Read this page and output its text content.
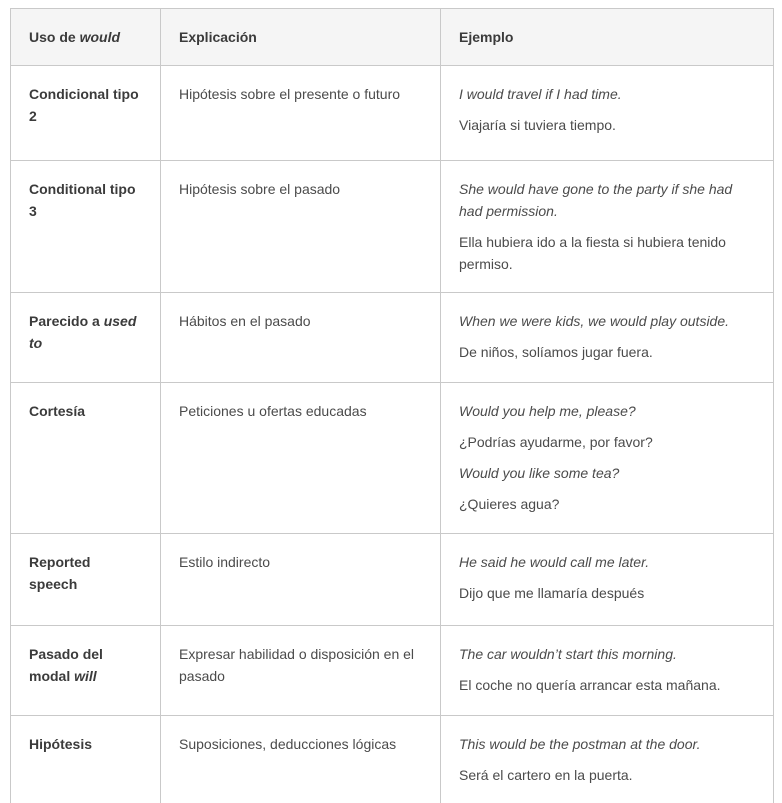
Uso de would	Explicación	Ejemplo
Condicional tipo 2	Hipótesis sobre el presente o futuro	I would travel if I had time.

Viajaría si tuviera tiempo.

Conditional tipo 3	Hipótesis sobre el pasado	She would have gone to the party if she had had permission.

Ella hubiera ido a la fiesta si hubiera tenido permiso.

Parecido a used to	Hábitos en el pasado	When we were kids, we would play outside.

De niños, solíamos jugar fuera.

Cortesía	Peticiones u ofertas educadas	Would you help me, please?

¿Podrías ayudarme, por favor?

Would you like some tea?

¿Quieres agua?

Reported speech	Estilo indirecto	He said he would call me later.

Dijo que me llamaría después

Pasado del modal will	Expresar habilidad o disposición en el pasado	The car wouldn’t start this morning.

El coche no quería arrancar esta mañana.

Hipótesis	Suposiciones, deducciones lógicas	This would be the postman at the door.

Será el cartero en la puerta.
